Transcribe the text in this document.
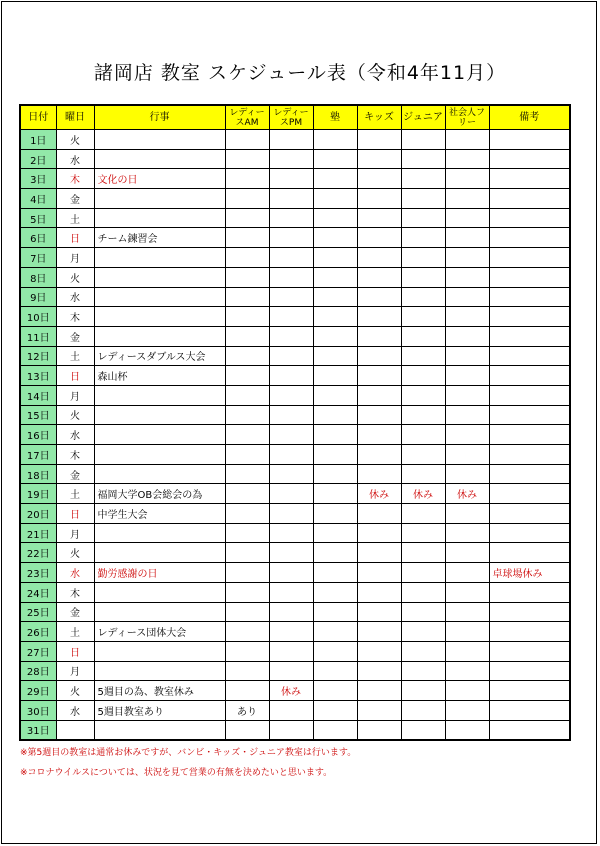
諸岡店 教室 スケジュール表（令和4年11月）
日付	曜日	行事	レディースAM	レディースPM	塾	キッズ	ジュニア	社会人フリー	備考
1日	火								
2日	水								
3日	木	文化の日							
4日	金								
5日	土								
6日	日	チーム鍊習会							
7日	月								
8日	火								
9日	水								
10日	木								
11日	金								
12日	土	レディースダブルス大会							
13日	日	森山杯							
14日	月								
15日	火								
16日	水								
17日	木								
18日	金								
19日	土	福岡大学OB会総会の為				休み	休み	休み	
20日	日	中学生大会							
21日	月								
22日	火								
23日	水	勤労感謝の日							卓球場休み
24日	木								
25日	金								
26日	土	レディース団体大会							
27日	日								
28日	月								
29日	火	5週目の為、教室休み		休み					
30日	水	5週目教室あり	あり						
31日									
※第5週目の教室は通常お休みですが、バンビ・キッズ・ジュニア教室は行います。
※コロナウイルスについては、状況を見て営業の有無を決めたいと思います。
